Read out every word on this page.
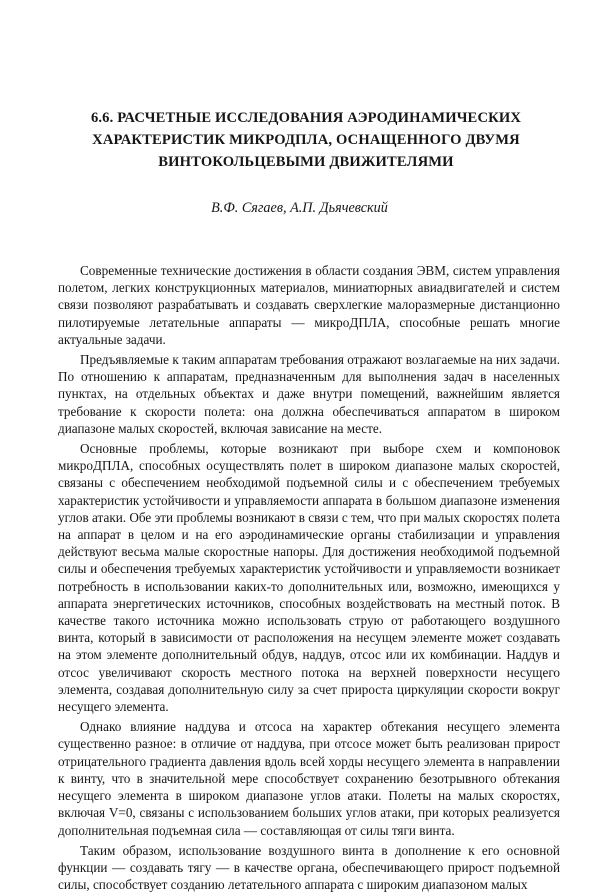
6.6. РАСЧЕТНЫЕ ИССЛЕДОВАНИЯ АЭРОДИНАМИЧЕСКИХ
ХАРАКТЕРИСТИК МИКРОДПЛА, ОСНАЩЕННОГО ДВУМЯ
ВИНТОКОЛЬЦЕВЫМИ ДВИЖИТЕЛЯМИ
В.Ф. Сягаев, А.П. Дьячевский

Современные технические достижения в области создания ЭВМ, систем управления полетом, легких конструкционных материалов, миниатюрных авиадвигателей и систем связи позволяют разрабатывать и создавать сверхлегкие малоразмерные дистанционно пилотируемые летательные аппараты — микроДПЛА, способные решать многие актуальные задачи.

Предъявляемые к таким аппаратам требования отражают возлагаемые на них задачи. По отношению к аппаратам, предназначенным для выполнения задач в населенных пунктах, на отдельных объектах и даже внутри помещений, важнейшим является требование к скорости полета: она должна обеспечиваться аппаратом в широком диапазоне малых скоростей, включая зависание на месте.

Основные проблемы, которые возникают при выборе схем и компоновок микроДПЛА, способных осуществлять полет в широком диапазоне малых скоростей, связаны с обеспечением необходимой подъемной силы и с обеспечением требуемых характеристик устойчивости и управляемости аппарата в большом диапазоне изменения углов атаки. Обе эти проблемы возникают в связи с тем, что при малых скоростях полета на аппарат в целом и на его аэродинамические органы стабилизации и управления действуют весьма малые скоростные напоры. Для достижения необходимой подъемной силы и обеспечения требуемых характеристик устойчивости и управляемости возникает потребность в использовании каких-то дополнительных или, возможно, имеющихся у аппарата энергетических источников, способных воздействовать на местный поток. В качестве такого источника можно использовать струю от работающего воздушного винта, который в зависимости от расположения на несущем элементе может создавать на этом элементе дополнительный обдув, наддув, отсос или их комбинации. Наддув и отсос увеличивают скорость местного потока на верхней поверхности несущего элемента, создавая дополнительную силу за счет прироста циркуляции скорости вокруг несущего элемента.

Однако влияние наддува и отсоса на характер обтекания несущего элемента существенно разное: в отличие от наддува, при отсосе может быть реализован прирост отрицательного градиента давления вдоль всей хорды несущего элемента в направлении к винту, что в значительной мере способствует сохранению безотрывного обтекания несущего элемента в широком диапазоне углов атаки. Полеты на малых скоростях, включая V=0, связаны с использованием больших углов атаки, при которых реализуется дополнительная подъемная сила — составляющая от силы тяги винта.

Таким образом, использование воздушного винта в дополнение к его основной функции — создавать тягу — в качестве органа, обеспечивающего прирост подъемной силы, способствует созданию летательного аппарата с широким диапазоном малых
